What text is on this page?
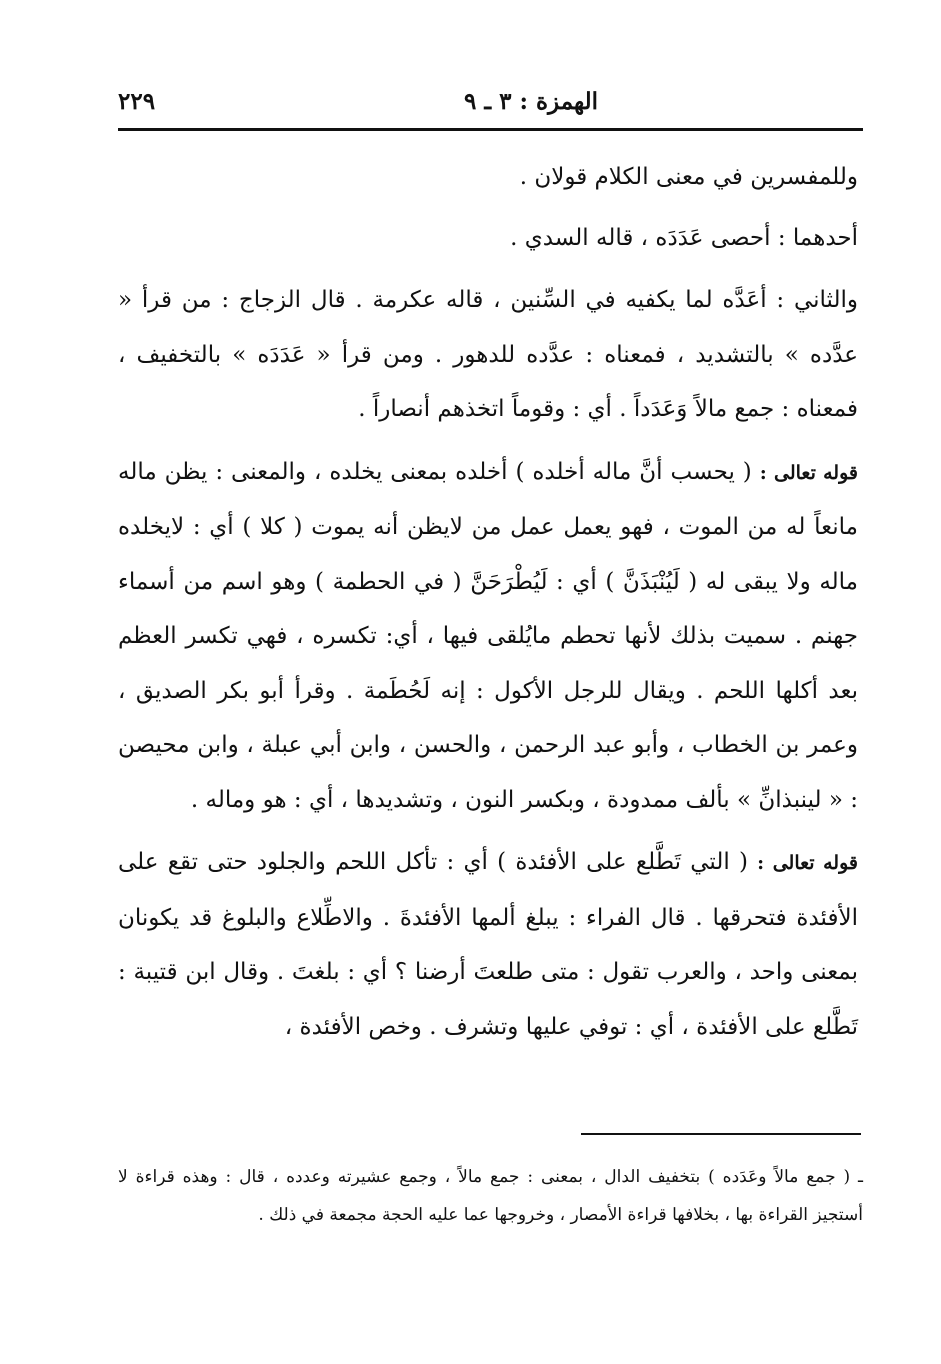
الهمزة : ٣ ـ ٩
٢٢٩

وللمفسرين في معنى الكلام قولان .

أحدهما : أحصى عَدَدَه ، قاله السدي .

والثاني : أعَدَّه لما يكفيه في السِّنين ، قاله عكرمة . قال الزجاج : من قرأ « عدَّده » بالتشديد ، فمعناه : عدَّده للدهور . ومن قرأ « عَدَدَه » بالتخفيف ، فمعناه : جمع مالاً وَعَدَداً . أي : وقوماً اتخذهم أنصاراً .

قوله تعالى : ( يحسب أنَّ ماله أخلده ) أخلده بمعنى يخلده ، والمعنى : يظن ماله مانعاً له من الموت ، فهو يعمل عمل من لايظن أنه يموت ( كلا ) أي : لايخلده ماله ولا يبقى له ( لَيُنْبَذَنَّ ) أي : لَيُطْرَحَنَّ ( في الحطمة ) وهو اسم من أسماء جهنم . سميت بذلك لأنها تحطم مايُلقى فيها ، أي: تكسره ، فهي تكسر العظم بعد أكلها اللحم . ويقال للرجل الأكول : إنه لَحُطَمة . وقرأ أبو بكر الصديق ، وعمر بن الخطاب ، وأبو عبد الرحمن ، والحسن ، وابن أبي عبلة ، وابن محيصن : « لينبذانِّ » بألف ممدودة ، وبكسر النون ، وتشديدها ، أي : هو وماله .

قوله تعالى : ( التي تَطَّلع على الأفئدة ) أي : تأكل اللحم والجلود حتى تقع على الأفئدة فتحرقها . قال الفراء : يبلغ ألمها الأفئدةَ . والاطِّلاع والبلوغ قد يكونان بمعنى واحد ، والعرب تقول : متى طلعتَ أرضنا ؟ أي : بلغتَ . وقال ابن قتيبة : تَطَّلع على الأفئدة ، أي : توفي عليها وتشرف . وخص الأفئدة ،

ـ ( جمع مالاً وعَدَده ) بتخفيف الدال ، بمعنى : جمع مالاً ، وجمع عشيرته وعدده ، قال : وهذه قراءة لا أستجيز القراءة بها ، بخلافها قراءة الأمصار ، وخروجها عما عليه الحجة مجمعة في ذلك .
